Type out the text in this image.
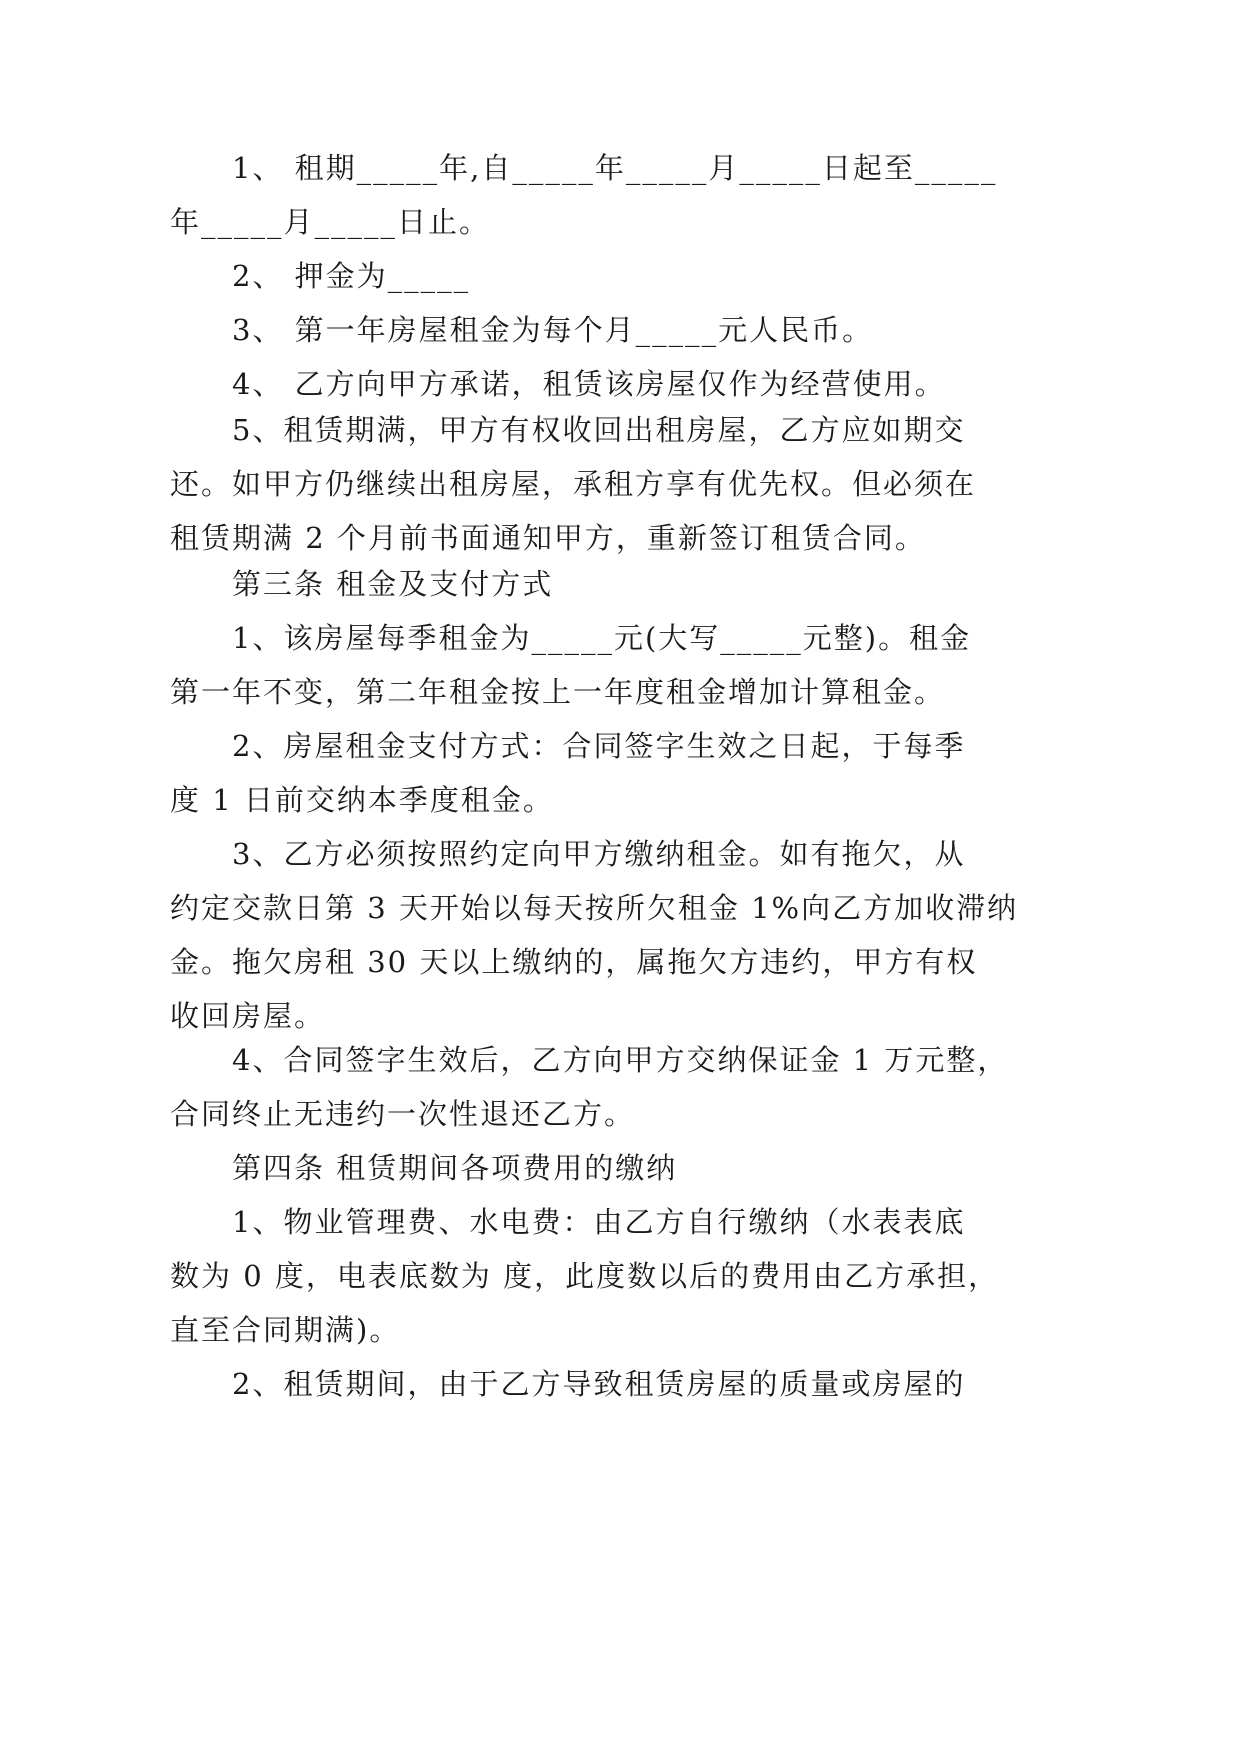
1、 租期_____年,自_____年_____月_____日起至_____

年_____月_____日止。

2、 押金为_____

3、 第一年房屋租金为每个月_____元人民币。

4、 乙方向甲方承诺，租赁该房屋仅作为经营使用。

5、租赁期满，甲方有权收回出租房屋，乙方应如期交

还。如甲方仍继续出租房屋，承租方享有优先权。但必须在

租赁期满 2 个月前书面通知甲方，重新签订租赁合同。

第三条 租金及支付方式

1、该房屋每季租金为_____元(大写_____元整)。租金

第一年不变，第二年租金按上一年度租金增加计算租金。

2、房屋租金支付方式：合同签字生效之日起，于每季

度 1 日前交纳本季度租金。

3、乙方必须按照约定向甲方缴纳租金。如有拖欠，从

约定交款日第 3 天开始以每天按所欠租金 1%向乙方加收滞纳

金。拖欠房租 30 天以上缴纳的，属拖欠方违约，甲方有权

收回房屋。

4、合同签字生效后，乙方向甲方交纳保证金 1 万元整，

合同终止无违约一次性退还乙方。

第四条 租赁期间各项费用的缴纳

1、物业管理费、水电费：由乙方自行缴纳（水表表底

数为 0 度，电表底数为 度，此度数以后的费用由乙方承担，

直至合同期满)。

2、租赁期间，由于乙方导致租赁房屋的质量或房屋的
